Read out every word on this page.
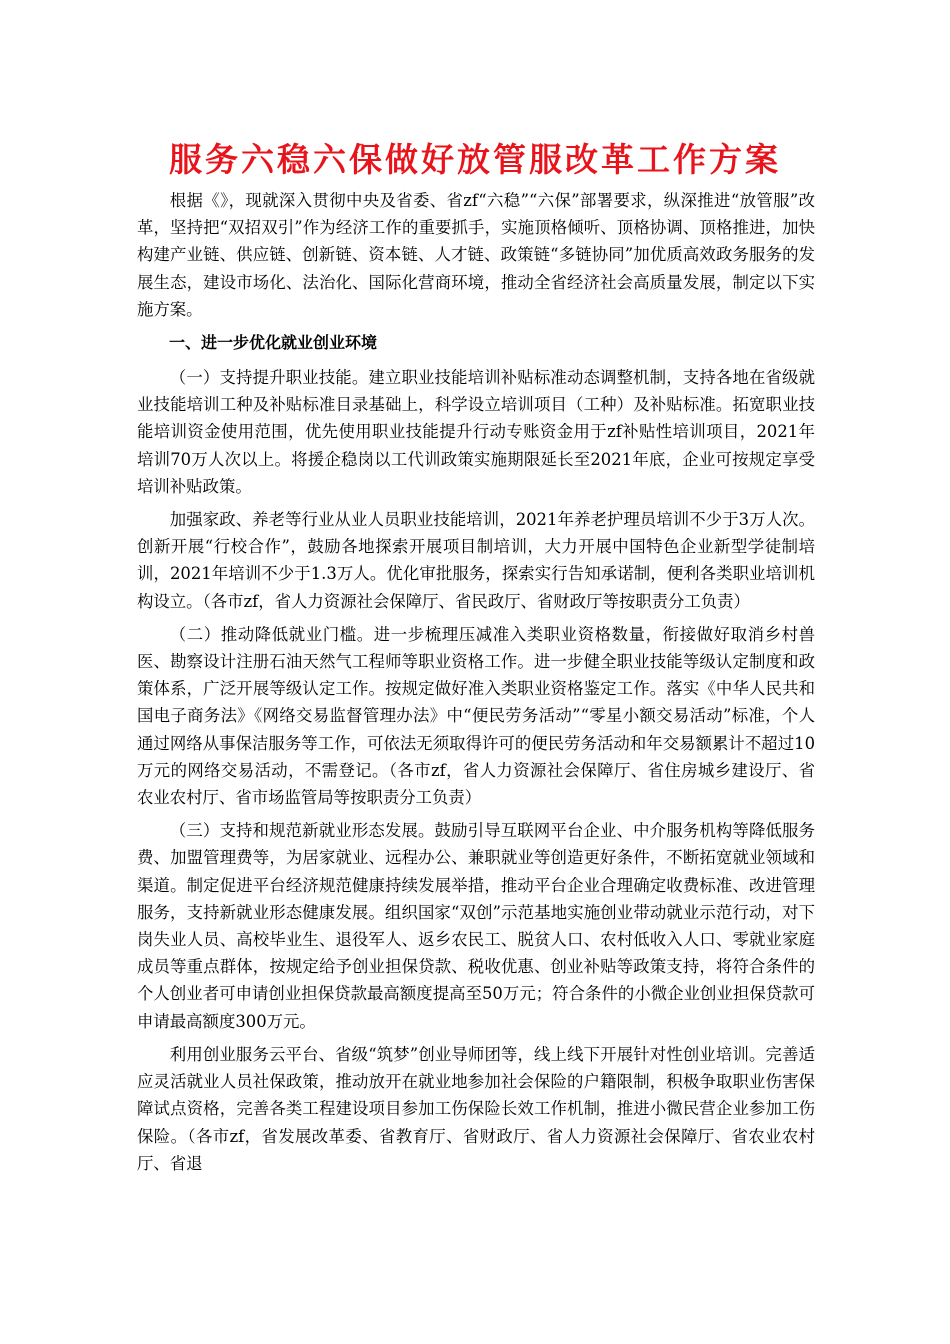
服务六稳六保做好放管服改革工作方案

根据《》，现就深入贯彻中央及省委、省zf“六稳”“六保”部署要求，纵深推进“放管服”改革，坚持把“双招双引”作为经济工作的重要抓手，实施顶格倾听、顶格协调、顶格推进，加快构建产业链、供应链、创新链、资本链、人才链、政策链“多链协同”加优质高效政务服务的发展生态，建设市场化、法治化、国际化营商环境，推动全省经济社会高质量发展，制定以下实施方案。

一、进一步优化就业创业环境

（一）支持提升职业技能。建立职业技能培训补贴标准动态调整机制，支持各地在省级就业技能培训工种及补贴标准目录基础上，科学设立培训项目（工种）及补贴标准。拓宽职业技能培训资金使用范围，优先使用职业技能提升行动专账资金用于zf补贴性培训项目，2021年培训70万人次以上。将援企稳岗以工代训政策实施期限延长至2021年底，企业可按规定享受培训补贴政策。

加强家政、养老等行业从业人员职业技能培训，2021年养老护理员培训不少于3万人次。创新开展“行校合作”，鼓励各地探索开展项目制培训，大力开展中国特色企业新型学徒制培训，2021年培训不少于1.3万人。优化审批服务，探索实行告知承诺制，便利各类职业培训机构设立。（各市zf，省人力资源社会保障厅、省民政厅、省财政厅等按职责分工负责）

（二）推动降低就业门槛。进一步梳理压减准入类职业资格数量，衔接做好取消乡村兽医、勘察设计注册石油天然气工程师等职业资格工作。进一步健全职业技能等级认定制度和政策体系，广泛开展等级认定工作。按规定做好准入类职业资格鉴定工作。落实《中华人民共和国电子商务法》《网络交易监督管理办法》中“便民劳务活动”“零星小额交易活动”标准，个人通过网络从事保洁服务等工作，可依法无须取得许可的便民劳务活动和年交易额累计不超过10万元的网络交易活动，不需登记。（各市zf，省人力资源社会保障厅、省住房城乡建设厅、省农业农村厅、省市场监管局等按职责分工负责）

（三）支持和规范新就业形态发展。鼓励引导互联网平台企业、中介服务机构等降低服务费、加盟管理费等，为居家就业、远程办公、兼职就业等创造更好条件，不断拓宽就业领域和渠道。制定促进平台经济规范健康持续发展举措，推动平台企业合理确定收费标准、改进管理服务，支持新就业形态健康发展。组织国家“双创”示范基地实施创业带动就业示范行动，对下岗失业人员、高校毕业生、退役军人、返乡农民工、脱贫人口、农村低收入人口、零就业家庭成员等重点群体，按规定给予创业担保贷款、税收优惠、创业补贴等政策支持，将符合条件的个人创业者可申请创业担保贷款最高额度提高至50万元；符合条件的小微企业创业担保贷款可申请最高额度300万元。

利用创业服务云平台、省级“筑梦”创业导师团等，线上线下开展针对性创业培训。完善适应灵活就业人员社保政策，推动放开在就业地参加社会保险的户籍限制，积极争取职业伤害保障试点资格，完善各类工程建设项目参加工伤保险长效工作机制，推进小微民营企业参加工伤保险。（各市zf，省发展改革委、省教育厅、省财政厅、省人力资源社会保障厅、省农业农村厅、省退
